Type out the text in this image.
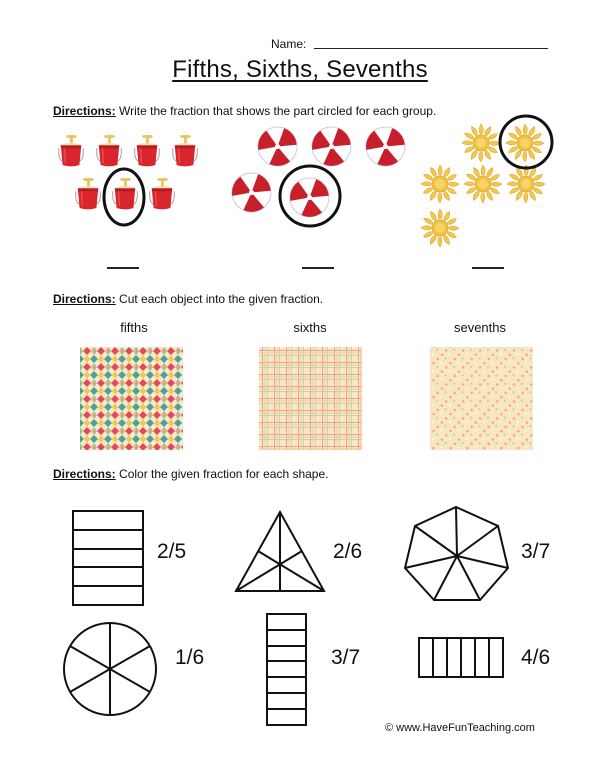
Name:
Fifths, Sixths, Sevenths
Directions: Write the fraction that shows the part circled for each group.
Directions: Cut each object into the given fraction.
fifths	sixths	sevenths
Directions: Color the given fraction for each shape.
2/5	2/6	3/7
1/6	3/7	4/6
© www.HaveFunTeaching.com
